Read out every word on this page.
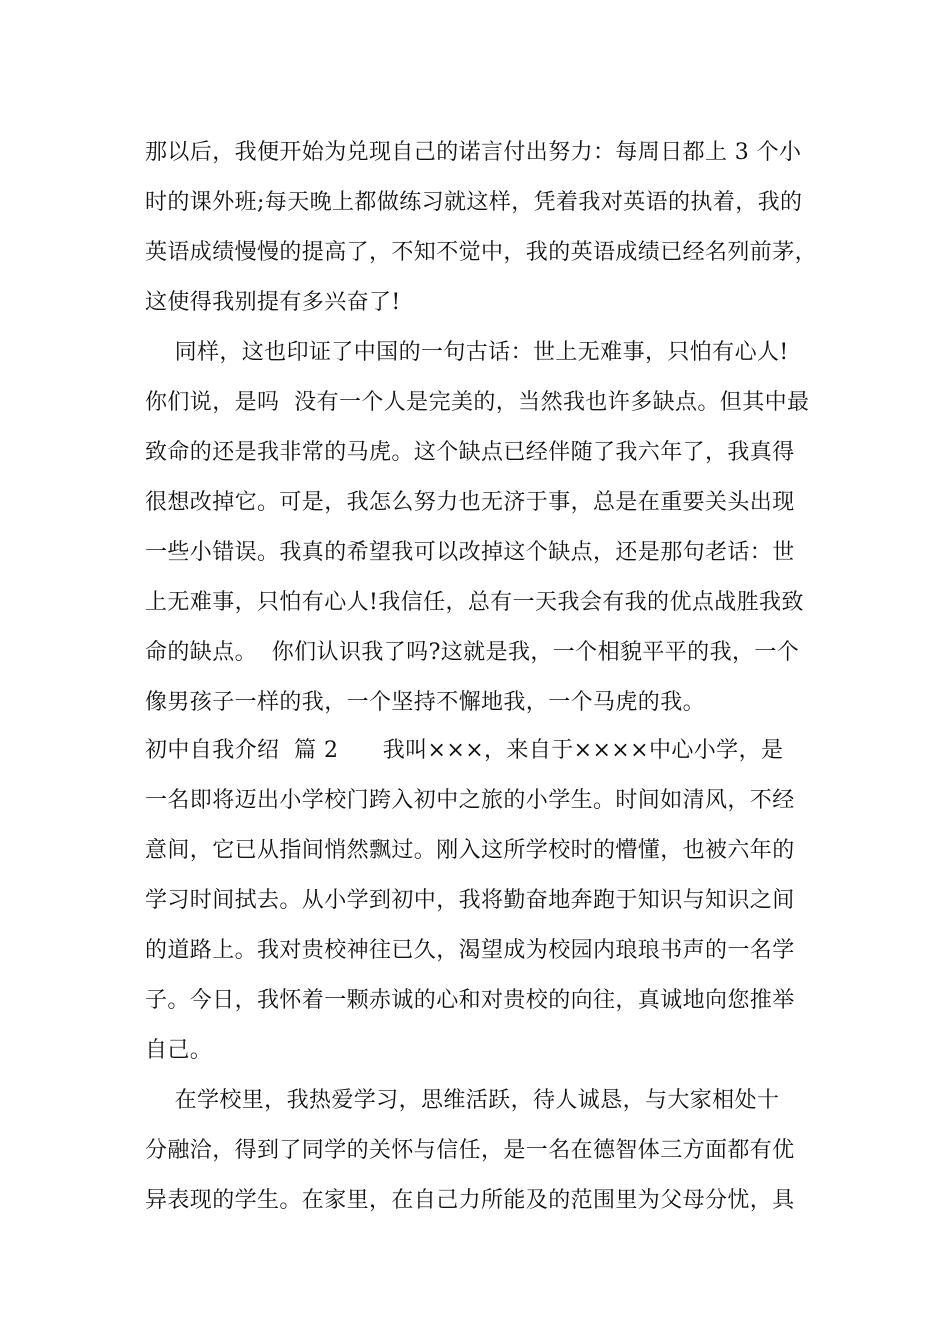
那以后，我便开始为兑现自己的诺言付出努力：每周日都上 3 个小
时的课外班;每天晚上都做练习就这样，凭着我对英语的执着，我的
英语成绩慢慢的提高了，不知不觉中，我的英语成绩已经名列前茅，
这使得我别提有多兴奋了!
同样，这也印证了中国的一句古话：世上无难事，只怕有心人!
你们说，是吗  没有一个人是完美的，当然我也许多缺点。但其中最
致命的还是我非常的马虎。这个缺点已经伴随了我六年了，我真得
很想改掉它。可是，我怎么努力也无济于事，总是在重要关头出现
一些小错误。我真的希望我可以改掉这个缺点，还是那句老话：世
上无难事，只怕有心人!我信任，总有一天我会有我的优点战胜我致
命的缺点。  你们认识我了吗?这就是我，一个相貌平平的我，一个
像男孩子一样的我，一个坚持不懈地我，一个马虎的我。
初中自我介绍  篇 2      我叫×××，来自于××××中心小学，是
一名即将迈出小学校门跨入初中之旅的小学生。时间如清风，不经
意间，它已从指间悄然飘过。刚入这所学校时的懵懂，也被六年的
学习时间拭去。从小学到初中，我将勤奋地奔跑于知识与知识之间
的道路上。我对贵校神往已久，渴望成为校园内琅琅书声的一名学
子。今日，我怀着一颗赤诚的心和对贵校的向往，真诚地向您推举
自己。
在学校里，我热爱学习，思维活跃，待人诚恳，与大家相处十
分融洽，得到了同学的关怀与信任，是一名在德智体三方面都有优
异表现的学生。在家里，在自己力所能及的范围里为父母分忧，具
